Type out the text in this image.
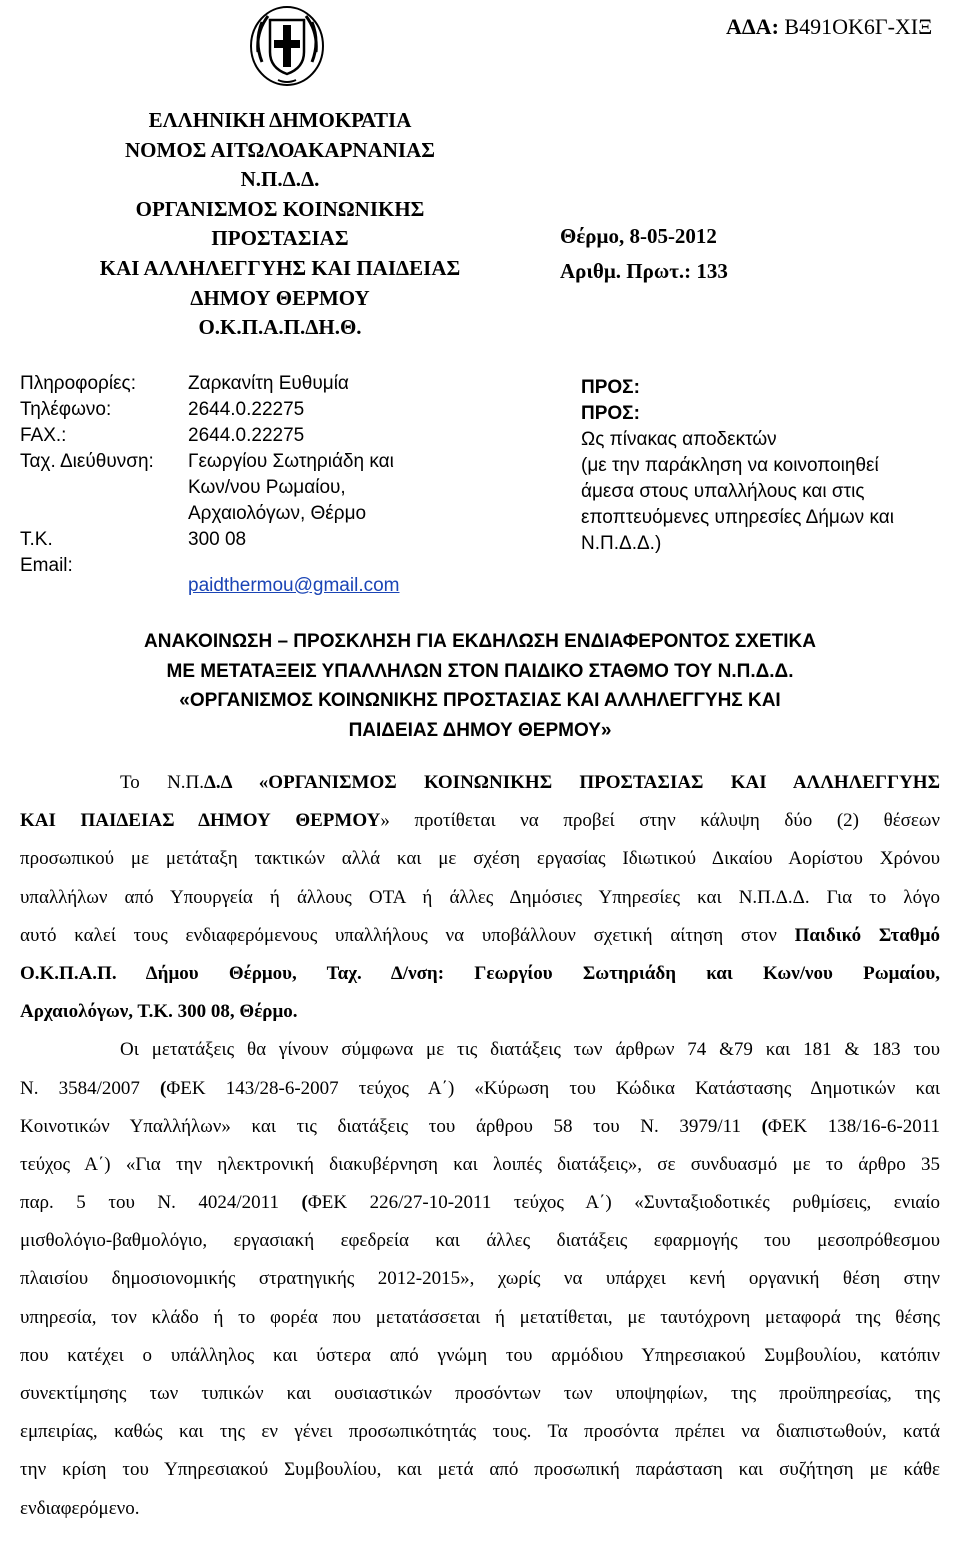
ΑΔΑ: Β491ΟΚ6Γ-ΧΙΞ
ΕΛΛΗΝΙΚΗ ΔΗΜΟΚΡΑΤΙΑ
ΝΟΜΟΣ ΑΙΤΩΛΟΑΚΑΡΝΑΝΙΑΣ
Ν.Π.Δ.Δ.
ΟΡΓΑΝΙΣΜΟΣ ΚΟΙΝΩΝΙΚΗΣ
ΠΡΟΣΤΑΣΙΑΣ
ΚΑΙ ΑΛΛΗΛΕΓΓΥΗΣ ΚΑΙ ΠΑΙΔΕΙΑΣ
ΔΗΜΟΥ ΘΕΡΜΟΥ
Ο.Κ.Π.Α.Π.ΔΗ.Θ.
Θέρμο, 8-05-2012
Αριθμ. Πρωτ.: 133
Πληροφορίες:
Τηλέφωνο:
FAX.:
Ταχ. Διεύθυνση:
Τ.Κ.
Email:
Ζαρκανίτη Ευθυμία
2644.0.22275
2644.0.22275
Γεωργίου Σωτηριάδη και
Κων/νου Ρωμαίου,
Αρχαιολόγων, Θέρμο
300 08
paidthermou@gmail.com
ΠΡΟΣ:
ΠΡΟΣ:
Ως πίνακας αποδεκτών
(με την παράκληση να κοινοποιηθεί
άμεσα στους υπαλλήλους και στις
εποπτευόμενες υπηρεσίες Δήμων και
Ν.Π.Δ.Δ.)
ΑΝΑΚΟΙΝΩΣΗ – ΠΡΟΣΚΛΗΣΗ ΓΙΑ ΕΚΔΗΛΩΣΗ ΕΝΔΙΑΦΕΡΟΝΤΟΣ ΣΧΕΤΙΚΑ
ΜΕ ΜΕΤΑΤΑΞΕΙΣ ΥΠΑΛΛΗΛΩΝ ΣΤΟΝ ΠΑΙΔΙΚΟ ΣΤΑΘΜΟ ΤΟΥ Ν.Π.Δ.Δ.
«ΟΡΓΑΝΙΣΜΟΣ ΚΟΙΝΩΝΙΚΗΣ ΠΡΟΣΤΑΣΙΑΣ ΚΑΙ ΑΛΛΗΛΕΓΓΥΗΣ ΚΑΙ
ΠΑΙΔΕΙΑΣ ΔΗΜΟΥ ΘΕΡΜΟΥ»
Το Ν.Π.Δ.Δ «ΟΡΓΑΝΙΣΜΟΣ ΚΟΙΝΩΝΙΚΗΣ ΠΡΟΣΤΑΣΙΑΣ ΚΑΙ ΑΛΛΗΛΕΓΓΥΗΣ
ΚΑΙ ΠΑΙΔΕΙΑΣ ΔΗΜΟΥ ΘΕΡΜΟΥ» προτίθεται να προβεί στην κάλυψη δύο (2) θέσεων
προσωπικού με μετάταξη τακτικών αλλά και με σχέση εργασίας Ιδιωτικού Δικαίου Αορίστου Χρόνου
υπαλλήλων από Υπουργεία ή άλλους ΟΤΑ ή άλλες Δημόσιες Υπηρεσίες και Ν.Π.Δ.Δ. Για το λόγο
αυτό καλεί τους ενδιαφερόμενους υπαλλήλους να υποβάλλουν σχετική αίτηση στον Παιδικό Σταθμό
Ο.Κ.Π.Α.Π. Δήμου Θέρμου, Ταχ. Δ/νση: Γεωργίου Σωτηριάδη και Κων/νου Ρωμαίου,
Αρχαιολόγων, Τ.Κ. 300 08, Θέρμο.
Οι μετατάξεις θα γίνουν σύμφωνα με τις διατάξεις των άρθρων 74 &79 και 181 & 183 του
Ν. 3584/2007 (ΦΕΚ 143/28-6-2007 τεύχος Α΄) «Κύρωση του Κώδικα Κατάστασης Δημοτικών και
Κοινοτικών Υπαλλήλων» και τις διατάξεις του άρθρου 58 του Ν. 3979/11 (ΦΕΚ 138/16-6-2011
τεύχος Α΄) «Για την ηλεκτρονική διακυβέρνηση και λοιπές διατάξεις», σε συνδυασμό με το άρθρο 35
παρ. 5 του Ν. 4024/2011 (ΦΕΚ 226/27-10-2011 τεύχος Α΄) «Συνταξιοδοτικές ρυθμίσεις, ενιαίο
μισθολόγιο-βαθμολόγιο, εργασιακή εφεδρεία και άλλες διατάξεις εφαρμογής του μεσοπρόθεσμου
πλαισίου δημοσιονομικής στρατηγικής 2012-2015», χωρίς να υπάρχει κενή οργανική θέση στην
υπηρεσία, τον κλάδο ή το φορέα που μετατάσσεται ή μετατίθεται, με ταυτόχρονη μεταφορά της θέσης
που κατέχει ο υπάλληλος και ύστερα από γνώμη του αρμόδιου Υπηρεσιακού Συμβουλίου, κατόπιν
συνεκτίμησης των τυπικών και ουσιαστικών προσόντων των υποψηφίων, της προϋπηρεσίας, της
εμπειρίας, καθώς και της εν γένει προσωπικότητάς τους. Τα προσόντα πρέπει να διαπιστωθούν, κατά
την κρίση του Υπηρεσιακού Συμβουλίου, και μετά από προσωπική παράσταση και συζήτηση με κάθε
ενδιαφερόμενο.
